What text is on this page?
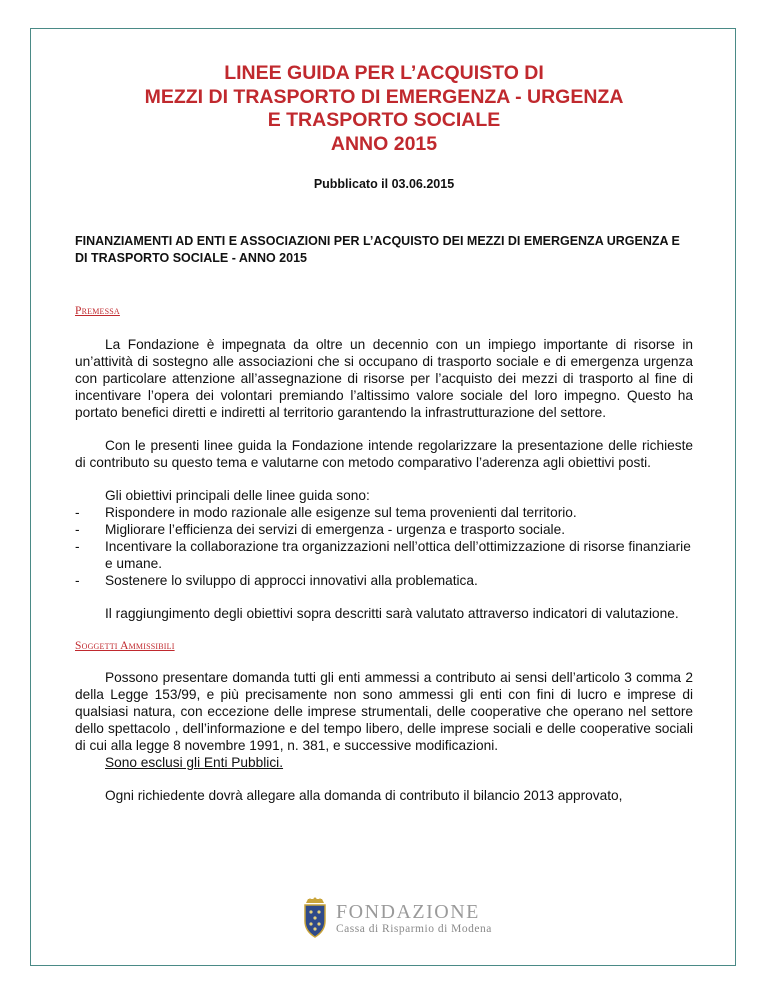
LINEE GUIDA PER L’ACQUISTO DI
MEZZI DI TRASPORTO DI EMERGENZA - URGENZA
E TRASPORTO SOCIALE
ANNO 2015
Pubblicato il 03.06.2015
FINANZIAMENTI AD ENTI E ASSOCIAZIONI PER L’ACQUISTO DEI MEZZI DI EMERGENZA URGENZA E DI TRASPORTO SOCIALE - ANNO 2015
Premessa

La Fondazione è impegnata da oltre un decennio con un impiego importante di risorse in un’attività di sostegno alle associazioni che si occupano di trasporto sociale e di emergenza urgenza con particolare attenzione all’assegnazione di risorse per l’acquisto dei mezzi di trasporto al fine di incentivare l’opera dei volontari premiando l’altissimo valore sociale del loro impegno. Questo ha portato benefici diretti e indiretti al territorio garantendo la infrastrutturazione del settore.

Con le presenti linee guida la Fondazione intende regolarizzare la presentazione delle richieste di contributo su questo tema e valutarne con metodo comparativo l’aderenza agli obiettivi posti.

Gli obiettivi principali delle linee guida sono:
- Rispondere in modo razionale alle esigenze sul tema provenienti dal territorio.
- Migliorare l’efficienza dei servizi di emergenza - urgenza e trasporto sociale.
- Incentivare la collaborazione tra organizzazioni nell’ottica dell’ottimizzazione di risorse finanziarie e umane.
- Sostenere lo sviluppo di approcci innovativi alla problematica.

Il raggiungimento degli obiettivi sopra descritti sarà valutato attraverso indicatori di valutazione.

Soggetti Ammissibili

Possono presentare domanda tutti gli enti ammessi a contributo ai sensi dell’articolo 3 comma 2 della Legge 153/99, e più precisamente non sono ammessi gli enti con fini di lucro e imprese di qualsiasi natura, con eccezione delle imprese strumentali, delle cooperative che operano nel settore dello spettacolo , dell’informazione e del tempo libero, delle imprese sociali e delle cooperative sociali di cui alla legge 8 novembre 1991, n. 381, e successive modificazioni.

Sono esclusi gli Enti Pubblici.

Ogni richiedente dovrà allegare alla domanda di contributo il bilancio 2013 approvato,

FONDAZIONE
Cassa di Risparmio di Modena
